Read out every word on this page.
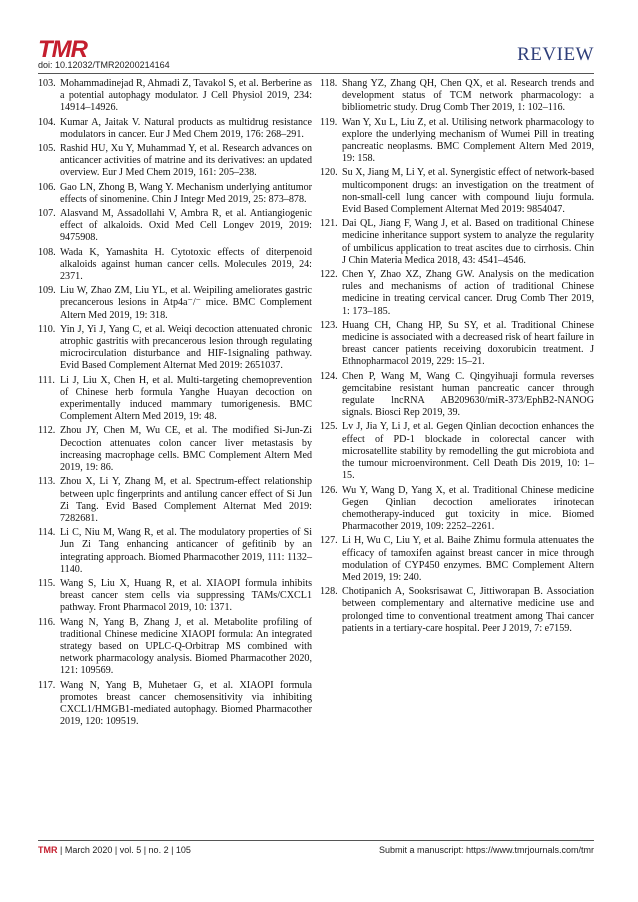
TMR
doi: 10.12032/TMR20200214164	REVIEW
103. Mohammadinejad R, Ahmadi Z, Tavakol S, et al. Berberine as a potential autophagy modulator. J Cell Physiol 2019, 234: 14914–14926.
104. Kumar A, Jaitak V. Natural products as multidrug resistance modulators in cancer. Eur J Med Chem 2019, 176: 268–291.
105. Rashid HU, Xu Y, Muhammad Y, et al. Research advances on anticancer activities of matrine and its derivatives: an updated overview. Eur J Med Chem 2019, 161: 205–238.
106. Gao LN, Zhong B, Wang Y. Mechanism underlying antitumor effects of sinomenine. Chin J Integr Med 2019, 25: 873–878.
107. Alasvand M, Assadollahi V, Ambra R, et al. Antiangiogenic effect of alkaloids. Oxid Med Cell Longev 2019, 2019: 9475908.
108. Wada K, Yamashita H. Cytotoxic effects of diterpenoid alkaloids against human cancer cells. Molecules 2019, 24: 2371.
109. Liu W, Zhao ZM, Liu YL, et al. Weipiling ameliorates gastric precancerous lesions in Atp4a⁻/⁻ mice. BMC Complement Altern Med 2019, 19: 318.
110. Yin J, Yi J, Yang C, et al. Weiqi decoction attenuated chronic atrophic gastritis with precancerous lesion through regulating microcirculation disturbance and HIF-1signaling pathway. Evid Based Complement Alternat Med 2019: 2651037.
111. Li J, Liu X, Chen H, et al. Multi-targeting chemoprevention of Chinese herb formula Yanghe Huayan decoction on experimentally induced mammary tumorigenesis. BMC Complement Altern Med 2019, 19: 48.
112. Zhou JY, Chen M, Wu CE, et al. The modified Si-Jun-Zi Decoction attenuates colon cancer liver metastasis by increasing macrophage cells. BMC Complement Altern Med 2019, 19: 86.
113. Zhou X, Li Y, Zhang M, et al. Spectrum-effect relationship between uplc fingerprints and antilung cancer effect of Si Jun Zi Tang. Evid Based Complement Alternat Med 2019: 7282681.
114. Li C, Niu M, Wang R, et al. The modulatory properties of Si Jun Zi Tang enhancing anticancer of gefitinib by an integrating approach. Biomed Pharmacother 2019, 111: 1132–1140.
115. Wang S, Liu X, Huang R, et al. XIAOPI formula inhibits breast cancer stem cells via suppressing TAMs/CXCL1 pathway. Front Pharmacol 2019, 10: 1371.
116. Wang N, Yang B, Zhang J, et al. Metabolite profiling of traditional Chinese medicine XIAOPI formula: An integrated strategy based on UPLC-Q-Orbitrap MS combined with network pharmacology analysis. Biomed Pharmacother 2020, 121: 109569.
117. Wang N, Yang B, Muhetaer G, et al. XIAOPI formula promotes breast cancer chemosensitivity via inhibiting CXCL1/HMGB1-mediated autophagy. Biomed Pharmacother 2019, 120: 109519.
118. Shang YZ, Zhang QH, Chen QX, et al. Research trends and development status of TCM network pharmacology: a bibliometric study. Drug Comb Ther 2019, 1: 102–116.
119. Wan Y, Xu L, Liu Z, et al. Utilising network pharmacology to explore the underlying mechanism of Wumei Pill in treating pancreatic neoplasms. BMC Complement Altern Med 2019, 19: 158.
120. Su X, Jiang M, Li Y, et al. Synergistic effect of network-based multicomponent drugs: an investigation on the treatment of non-small-cell lung cancer with compound liuju formula. Evid Based Complement Alternat Med 2019: 9854047.
121. Dai QL, Jiang F, Wang J, et al. Based on traditional Chinese medicine inheritance support system to analyze the regularity of umbilicus application to treat ascites due to cirrhosis. Chin J Chin Materia Medica 2018, 43: 4541–4546.
122. Chen Y, Zhao XZ, Zhang GW. Analysis on the medication rules and mechanisms of action of traditional Chinese medicine in treating cervical cancer. Drug Comb Ther 2019, 1: 173–185.
123. Huang CH, Chang HP, Su SY, et al. Traditional Chinese medicine is associated with a decreased risk of heart failure in breast cancer patients receiving doxorubicin treatment. J Ethnopharmacol 2019, 229: 15–21.
124. Chen P, Wang M, Wang C. Qingyihuaji formula reverses gemcitabine resistant human pancreatic cancer through regulate lncRNA AB209630/miR-373/EphB2-NANOG signals. Biosci Rep 2019, 39.
125. Lv J, Jia Y, Li J, et al. Gegen Qinlian decoction enhances the effect of PD-1 blockade in colorectal cancer with microsatellite stability by remodelling the gut microbiota and the tumour microenvironment. Cell Death Dis 2019, 10: 1–15.
126. Wu Y, Wang D, Yang X, et al. Traditional Chinese medicine Gegen Qinlian decoction ameliorates irinotecan chemotherapy-induced gut toxicity in mice. Biomed Pharmacother 2019, 109: 2252–2261.
127. Li H, Wu C, Liu Y, et al. Baihe Zhimu formula attenuates the efficacy of tamoxifen against breast cancer in mice through modulation of CYP450 enzymes. BMC Complement Altern Med 2019, 19: 240.
128. Chotipanich A, Sooksrisawat C, Jittiworapan B. Association between complementary and alternative medicine use and prolonged time to conventional treatment among Thai cancer patients in a tertiary-care hospital. Peer J 2019, 7: e7159.
TMR | March 2020 | vol. 5 | no. 2 | 105	Submit a manuscript: https://www.tmrjournals.com/tmr
